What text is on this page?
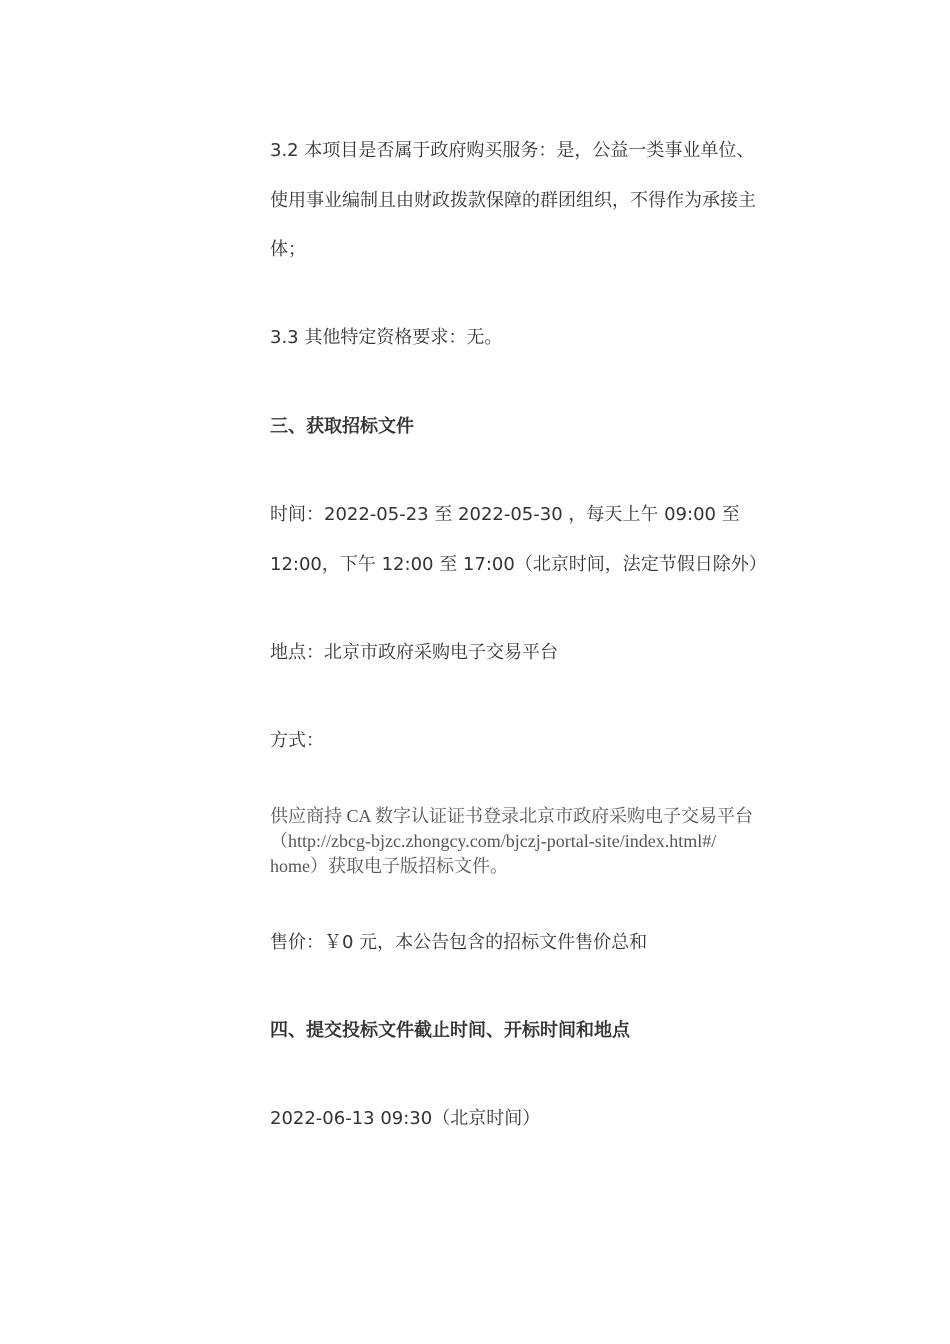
3.2 本项目是否属于政府购买服务：是，公益一类事业单位、
使用事业编制且由财政拨款保障的群团组织，不得作为承接主
体；
3.3 其他特定资格要求：无。
三、获取招标文件
时间：2022-05-23 至 2022-05-30 ，每天上午 09:00 至
12:00，下午 12:00 至 17:00（北京时间，法定节假日除外）
地点：北京市政府采购电子交易平台
方式：
供应商持 CA 数字认证证书登录北京市政府采购电子交易平台
（http://zbcg-bjzc.zhongcy.com/bjczj-portal-site/index.html#/
home）获取电子版招标文件。
售价：￥0 元，本公告包含的招标文件售价总和
四、提交投标文件截止时间、开标时间和地点
2022-06-13 09:30（北京时间）
